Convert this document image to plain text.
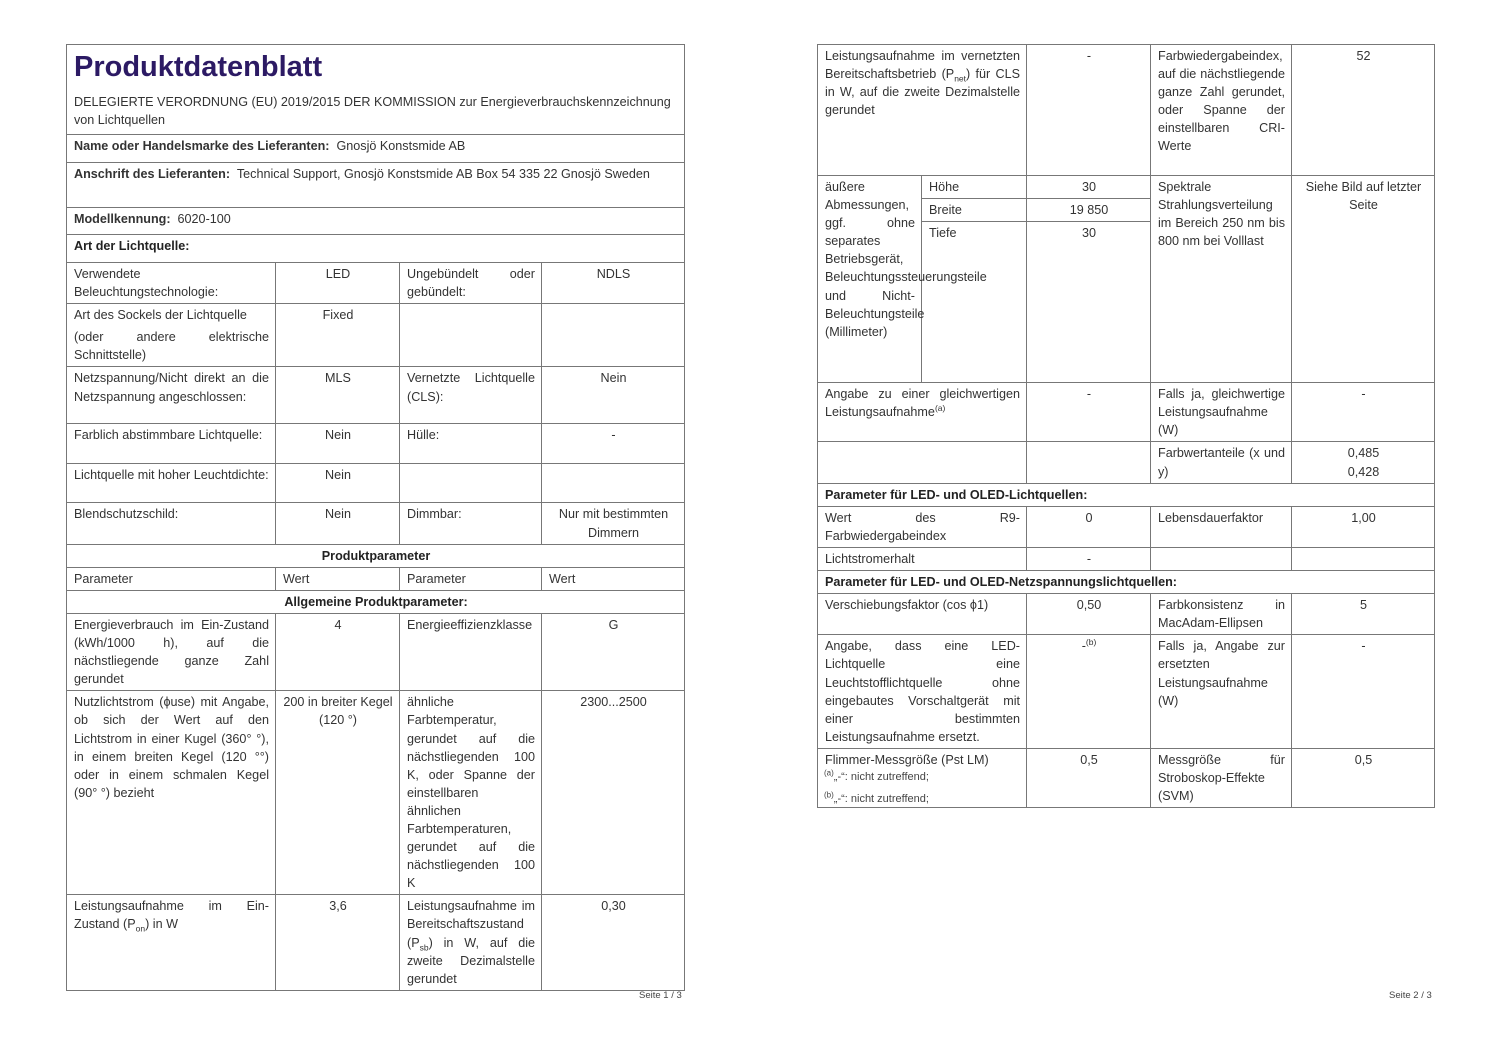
Produktdatenblatt
DELEGIERTE VERORDNUNG (EU) 2019/2015 DER KOMMISSION zur Energieverbrauchskennzeichnung von Lichtquellen			

Name oder Handelsmarke des Lieferanten: Gnosjö Konstsmide AB			
Anschrift des Lieferanten: Technical Support, Gnosjö Konstsmide AB Box 54 335 22 Gnosjö Sweden			
Modellkennung: 6020-100			
Art der Lichtquelle:			
Verwendete Beleuchtungstechnologie:	LED	Ungebündelt oder gebündelt:	NDLS

Art des Sockels der Lichtquelle
(oder andere elektrische Schnittstelle)	Fixed		
Netzspannung/Nicht direkt an die Netzspannung angeschlossen:	MLS	Vernetzte Lichtquelle (CLS):	Nein
Farblich abstimmbare Lichtquelle:	Nein	Hülle:	-
Lichtquelle mit hoher Leuchtdichte:	Nein		
Blendschutzschild:	Nein	Dimmbar:	Nur mit bestimmten Dimmern
Produktparameter			
Parameter	Wert	Parameter	Wert
Allgemeine Produktparameter:			
Energieverbrauch im Ein-Zustand (kWh/1000 h), auf die nächstliegende ganze Zahl gerundet	4	Energieeffizienzklasse	G
Nutzlichtstrom (ϕuse) mit Angabe, ob sich der Wert auf den Lichtstrom in einer Kugel (360° °), in einem breiten Kegel (120 °°) oder in einem schmalen Kegel (90° °) bezieht	200 in breiter Kegel (120 °)	ähnliche Farbtemperatur, gerundet auf die nächstliegenden 100 K, oder Spanne der einstellbaren ähnlichen Farbtemperaturen, gerundet auf die nächstliegenden 100 K	2300...2500
Leistungsaufnahme im Ein-Zustand $(P_{on})$ in W	3,6	Leistungsaufnahme im Bereitschaftszustand $(P_{sb})$ in W, auf die zweite Dezimalstelle gerundet	0,30
Seite 1 / 3
Leistungsaufnahme im vernetzten Bereitschaftsbetrieb $(P_{net})$ für CLS in W, auf die zweite Dezimalstelle gerundet		-	Farbwiedergabeindex, auf die nächstliegende ganze Zahl gerundet, oder Spanne der einstellbaren CRI-Werte	52
äußere Abmessungen, ggf. ohne separates Betriebsgerät, Beleuchtungssteuerungsteile und Nicht-Beleuchtungsteile (Millimeter)	Höhe	30	Spektrale Strahlungsverteilung im Bereich 250 nm bis 800 nm bei Volllast	Siehe Bild auf letzter Seite
	Breite	19 850		
	Tiefe	30		
Angabe zu einer gleichwertigen Leistungsaufnahme$^{(a)}$		-	Falls ja, gleichwertige Leistungsaufnahme (W)	-
			Farbwertanteile (x und y)	0,485
0,428

Parameter für LED- und OLED-Lichtquellen:				
Wert des R9-Farbwiedergabeindex		0	Lebensdauerfaktor	1,00
Lichtstromerhalt		-		
Parameter für LED- und OLED-Netzspannungslichtquellen:				
Verschiebungsfaktor (cos ϕ1)		0,50	Farbkonsistenz in MacAdam-Ellipsen	5
Angabe, dass eine LED-Lichtquelle eine Leuchtstofflichtquelle ohne eingebautes Vorschaltgerät mit einer bestimmten Leistungsaufnahme ersetzt.		-$^{(b)}$	Falls ja, Angabe zur ersetzten Leistungsaufnahme (W)	-
Flimmer-Messgröße (Pst LM)		0,5	Messgröße für Stroboskop-Effekte (SVM)	0,5
$^{(a)}$„-“: nicht zutreffend;
$^{(b)}$„-“: nicht zutreffend;
Seite 2 / 3
